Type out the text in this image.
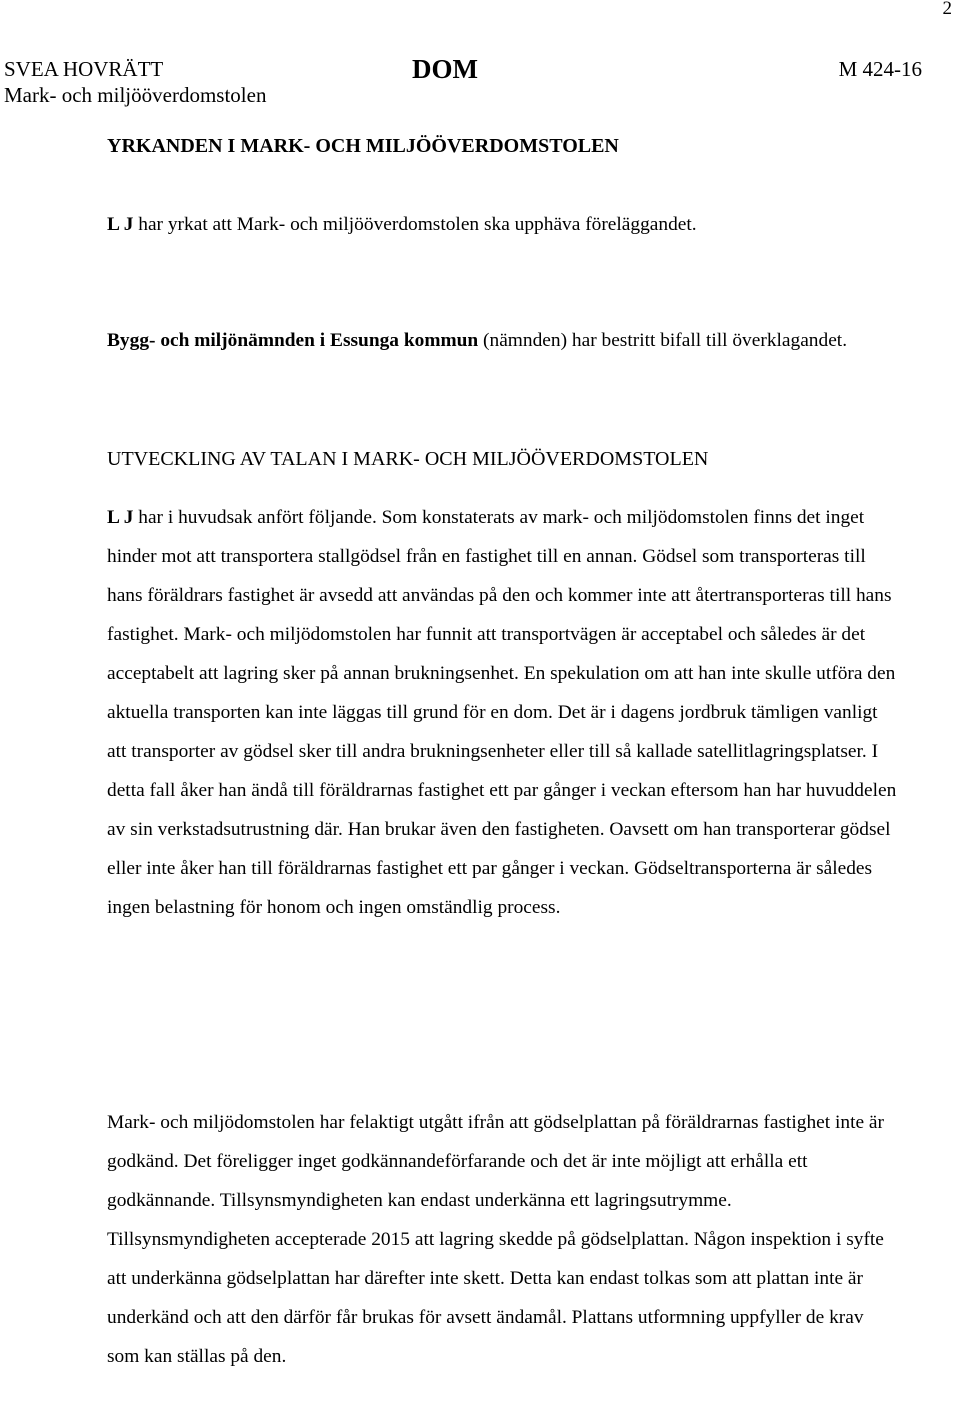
2
SVEA HOVRÄTT
Mark- och miljööverdomstolen
DOM	M 424-16
YRKANDEN I MARK- OCH MILJÖÖVERDOMSTOLEN

L J har yrkat att Mark- och miljööverdomstolen ska upphäva föreläggandet.

Bygg- och miljönämnden i Essunga kommun (nämnden) har bestritt bifall till överklagandet.

UTVECKLING AV TALAN I MARK- OCH MILJÖÖVERDOMSTOLEN

L J har i huvudsak anfört följande. Som konstaterats av mark- och miljödomstolen finns det inget hinder mot att transportera stallgödsel från en fastighet till en annan. Gödsel som transporteras till hans föräldrars fastighet är avsedd att användas på den och kommer inte att återtransporteras till hans fastighet. Mark- och miljödomstolen har funnit att transportvägen är acceptabel och således är det acceptabelt att lagring sker på annan brukningsenhet. En spekulation om att han inte skulle utföra den aktuella transporten kan inte läggas till grund för en dom. Det är i dagens jordbruk tämligen vanligt att transporter av gödsel sker till andra brukningsenheter eller till så kallade satellitlagringsplatser. I detta fall åker han ändå till föräldrarnas fastighet ett par gånger i veckan eftersom han har huvuddelen av sin verkstadsutrustning där. Han brukar även den fastigheten. Oavsett om han transporterar gödsel eller inte åker han till föräldrarnas fastighet ett par gånger i veckan. Gödseltransporterna är således ingen belastning för honom och ingen omständlig process.

Mark- och miljödomstolen har felaktigt utgått ifrån att gödselplattan på föräldrarnas fastighet inte är godkänd. Det föreligger inget godkännandeförfarande och det är inte möjligt att erhålla ett godkännande. Tillsynsmyndigheten kan endast underkänna ett lagringsutrymme. Tillsynsmyndigheten accepterade 2015 att lagring skedde på gödselplattan. Någon inspektion i syfte att underkänna gödselplattan har därefter inte skett. Detta kan endast tolkas som att plattan inte är underkänd och att den därför får brukas för avsett ändamål. Plattans utformning uppfyller de krav som kan ställas på den.
